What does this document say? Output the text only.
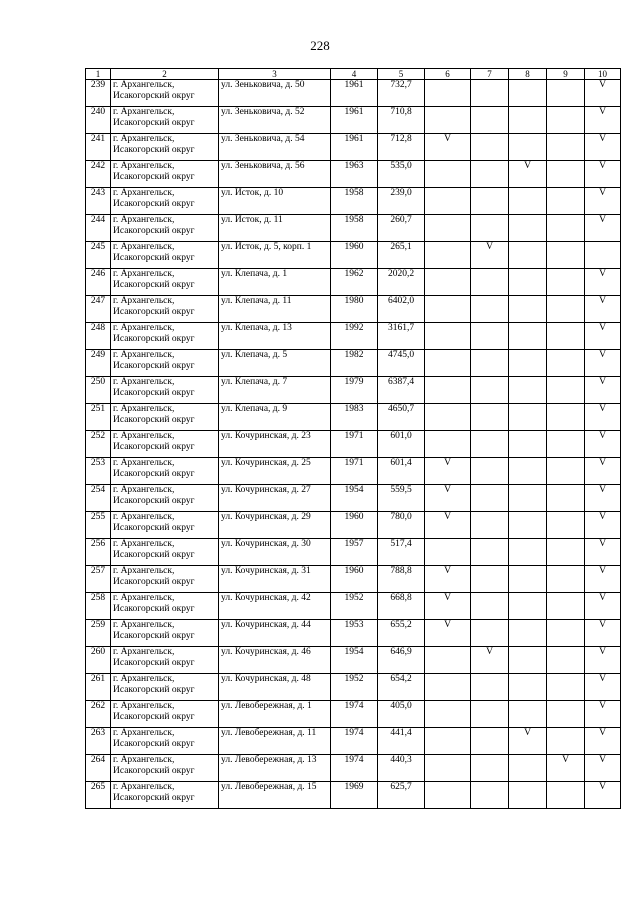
228
1	2	3	4	5	6	7	8	9	10
239	г. Архангельск,
Исакогорский округ	ул. Зеньковича, д. 50	1961	732,7					V
240	г. Архангельск,
Исакогорский округ	ул. Зеньковича, д. 52	1961	710,8					V
241	г. Архангельск,
Исакогорский округ	ул. Зеньковича, д. 54	1961	712,8	V				V
242	г. Архангельск,
Исакогорский округ	ул. Зеньковича, д. 56	1963	535,0			V		V
243	г. Архангельск,
Исакогорский округ	ул. Исток, д. 10	1958	239,0					V
244	г. Архангельск,
Исакогорский округ	ул. Исток, д. 11	1958	260,7					V
245	г. Архангельск,
Исакогорский округ	ул. Исток, д. 5, корп. 1	1960	265,1		V			
246	г. Архангельск,
Исакогорский округ	ул. Клепача, д. 1	1962	2020,2					V
247	г. Архангельск,
Исакогорский округ	ул. Клепача, д. 11	1980	6402,0					V
248	г. Архангельск,
Исакогорский округ	ул. Клепача, д. 13	1992	3161,7					V
249	г. Архангельск,
Исакогорский округ	ул. Клепача, д. 5	1982	4745,0					V
250	г. Архангельск,
Исакогорский округ	ул. Клепача, д. 7	1979	6387,4					V
251	г. Архангельск,
Исакогорский округ	ул. Клепача, д. 9	1983	4650,7					V
252	г. Архангельск,
Исакогорский округ	ул. Кочуринская, д. 23	1971	601,0					V
253	г. Архангельск,
Исакогорский округ	ул. Кочуринская, д. 25	1971	601,4	V				V
254	г. Архангельск,
Исакогорский округ	ул. Кочуринская, д. 27	1954	559,5	V				V
255	г. Архангельск,
Исакогорский округ	ул. Кочуринская, д. 29	1960	780,0	V				V
256	г. Архангельск,
Исакогорский округ	ул. Кочуринская, д. 30	1957	517,4					V
257	г. Архангельск,
Исакогорский округ	ул. Кочуринская, д. 31	1960	788,8	V				V
258	г. Архангельск,
Исакогорский округ	ул. Кочуринская, д. 42	1952	668,8	V				V
259	г. Архангельск,
Исакогорский округ	ул. Кочуринская, д. 44	1953	655,2	V				V
260	г. Архангельск,
Исакогорский округ	ул. Кочуринская, д. 46	1954	646,9		V			V
261	г. Архангельск,
Исакогорский округ	ул. Кочуринская, д. 48	1952	654,2					V
262	г. Архангельск,
Исакогорский округ	ул. Левобережная, д. 1	1974	405,0					V
263	г. Архангельск,
Исакогорский округ	ул. Левобережная, д. 11	1974	441,4			V		V
264	г. Архангельск,
Исакогорский округ	ул. Левобережная, д. 13	1974	440,3				V	V
265	г. Архангельск,
Исакогорский округ	ул. Левобережная, д. 15	1969	625,7					V
